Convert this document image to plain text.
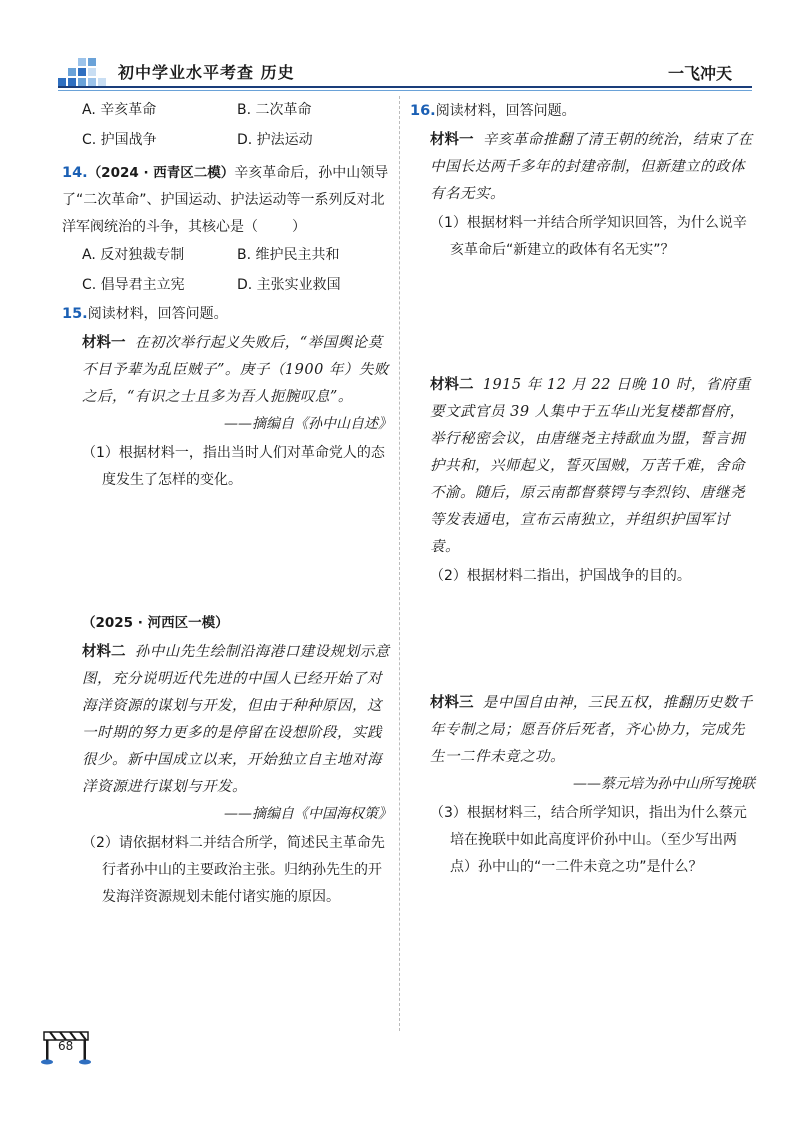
初中学业水平考查 历史	一飞冲天
A. 辛亥革命	B. 二次革命
C. 护国战争	D. 护法运动
14.（2024 · 西青区二模）辛亥革命后，孙中山领导了“二次革命”、护国运动、护法运动等一系列反对北洋军阀统治的斗争，其核心是（　　）
A. 反对独裁专制	B. 维护民主共和
C. 倡导君主立宪	D. 主张实业救国
15.阅读材料，回答问题。
材料一 在初次举行起义失败后，“举国舆论莫不目予辈为乱臣贼子”。庚子（1900 年）失败之后，“有识之士且多为吾人扼腕叹息”。
——摘编自《孙中山自述》
（1）根据材料一，指出当时人们对革命党人的态度发生了怎样的变化。
（2025 · 河西区一模）
材料二 孙中山先生绘制沿海港口建设规划示意图，充分说明近代先进的中国人已经开始了对海洋资源的谋划与开发，但由于种种原因，这一时期的努力更多的是停留在设想阶段，实践很少。新中国成立以来，开始独立自主地对海洋资源进行谋划与开发。
——摘编自《中国海权策》
（2）请依据材料二并结合所学，简述民主革命先行者孙中山的主要政治主张。归纳孙先生的开发海洋资源规划未能付诸实施的原因。
16.阅读材料，回答问题。
材料一 辛亥革命推翻了清王朝的统治，结束了在中国长达两千多年的封建帝制，但新建立的政体有名无实。
（1）根据材料一并结合所学知识回答，为什么说辛亥革命后“新建立的政体有名无实”？
材料二 1915 年 12 月 22 日晚 10 时，省府重要文武官员 39 人集中于五华山光复楼都督府，举行秘密会议，由唐继尧主持歃血为盟，誓言拥护共和，兴师起义，誓灭国贼，万苦千难，舍命不渝。随后，原云南都督蔡锷与李烈钧、唐继尧等发表通电，宣布云南独立，并组织护国军讨袁。
（2）根据材料二指出，护国战争的目的。
材料三 是中国自由神，三民五权，推翻历史数千年专制之局；愿吾侪后死者，齐心协力，完成先生一二件未竟之功。
——蔡元培为孙中山所写挽联
（3）根据材料三，结合所学知识，指出为什么蔡元培在挽联中如此高度评价孙中山。（至少写出两点）孙中山的“一二件未竟之功”是什么？
68
